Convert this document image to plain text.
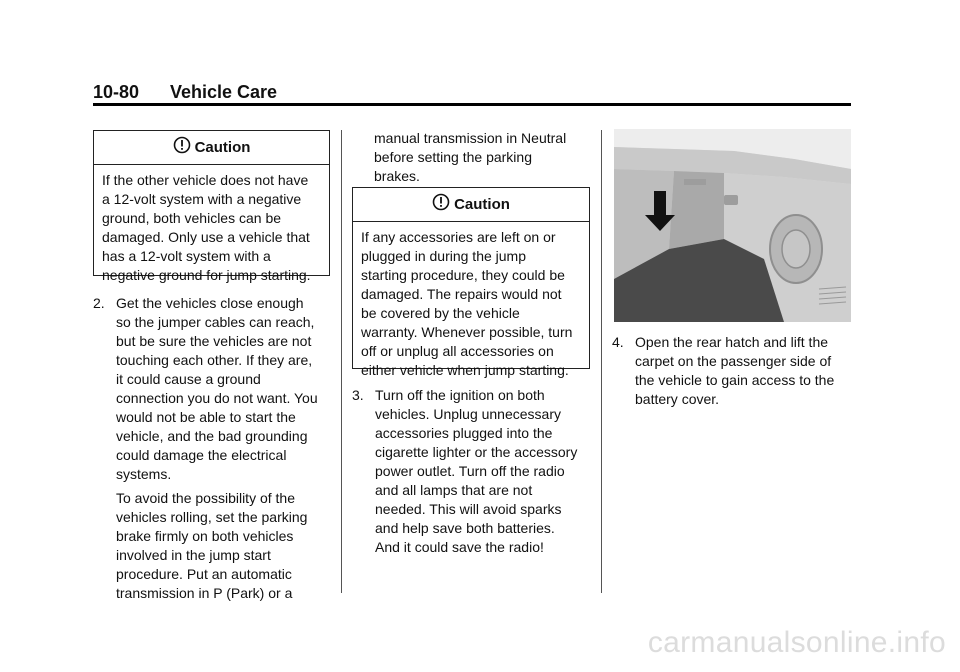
10-80 Vehicle Care
Caution
If the other vehicle does not have
a 12-volt system with a negative
ground, both vehicles can be
damaged. Only use a vehicle that
has a 12-volt system with a
negative ground for jump starting.
2. Get the vehicles close enough
so the jumper cables can reach,
but be sure the vehicles are not
touching each other. If they are,
it could cause a ground
connection you do not want. You
would not be able to start the
vehicle, and the bad grounding
could damage the electrical
systems.
To avoid the possibility of the
vehicles rolling, set the parking
brake firmly on both vehicles
involved in the jump start
procedure. Put an automatic
transmission in P (Park) or a
manual transmission in Neutral
before setting the parking
brakes.
Caution
If any accessories are left on or
plugged in during the jump
starting procedure, they could be
damaged. The repairs would not
be covered by the vehicle
warranty. Whenever possible, turn
off or unplug all accessories on
either vehicle when jump starting.
3. Turn off the ignition on both
vehicles. Unplug unnecessary
accessories plugged into the
cigarette lighter or the accessory
power outlet. Turn off the radio
and all lamps that are not
needed. This will avoid sparks
and help save both batteries.
And it could save the radio!
4. Open the rear hatch and lift the
carpet on the passenger side of
the vehicle to gain access to the
battery cover.
carmanualsonline.info
